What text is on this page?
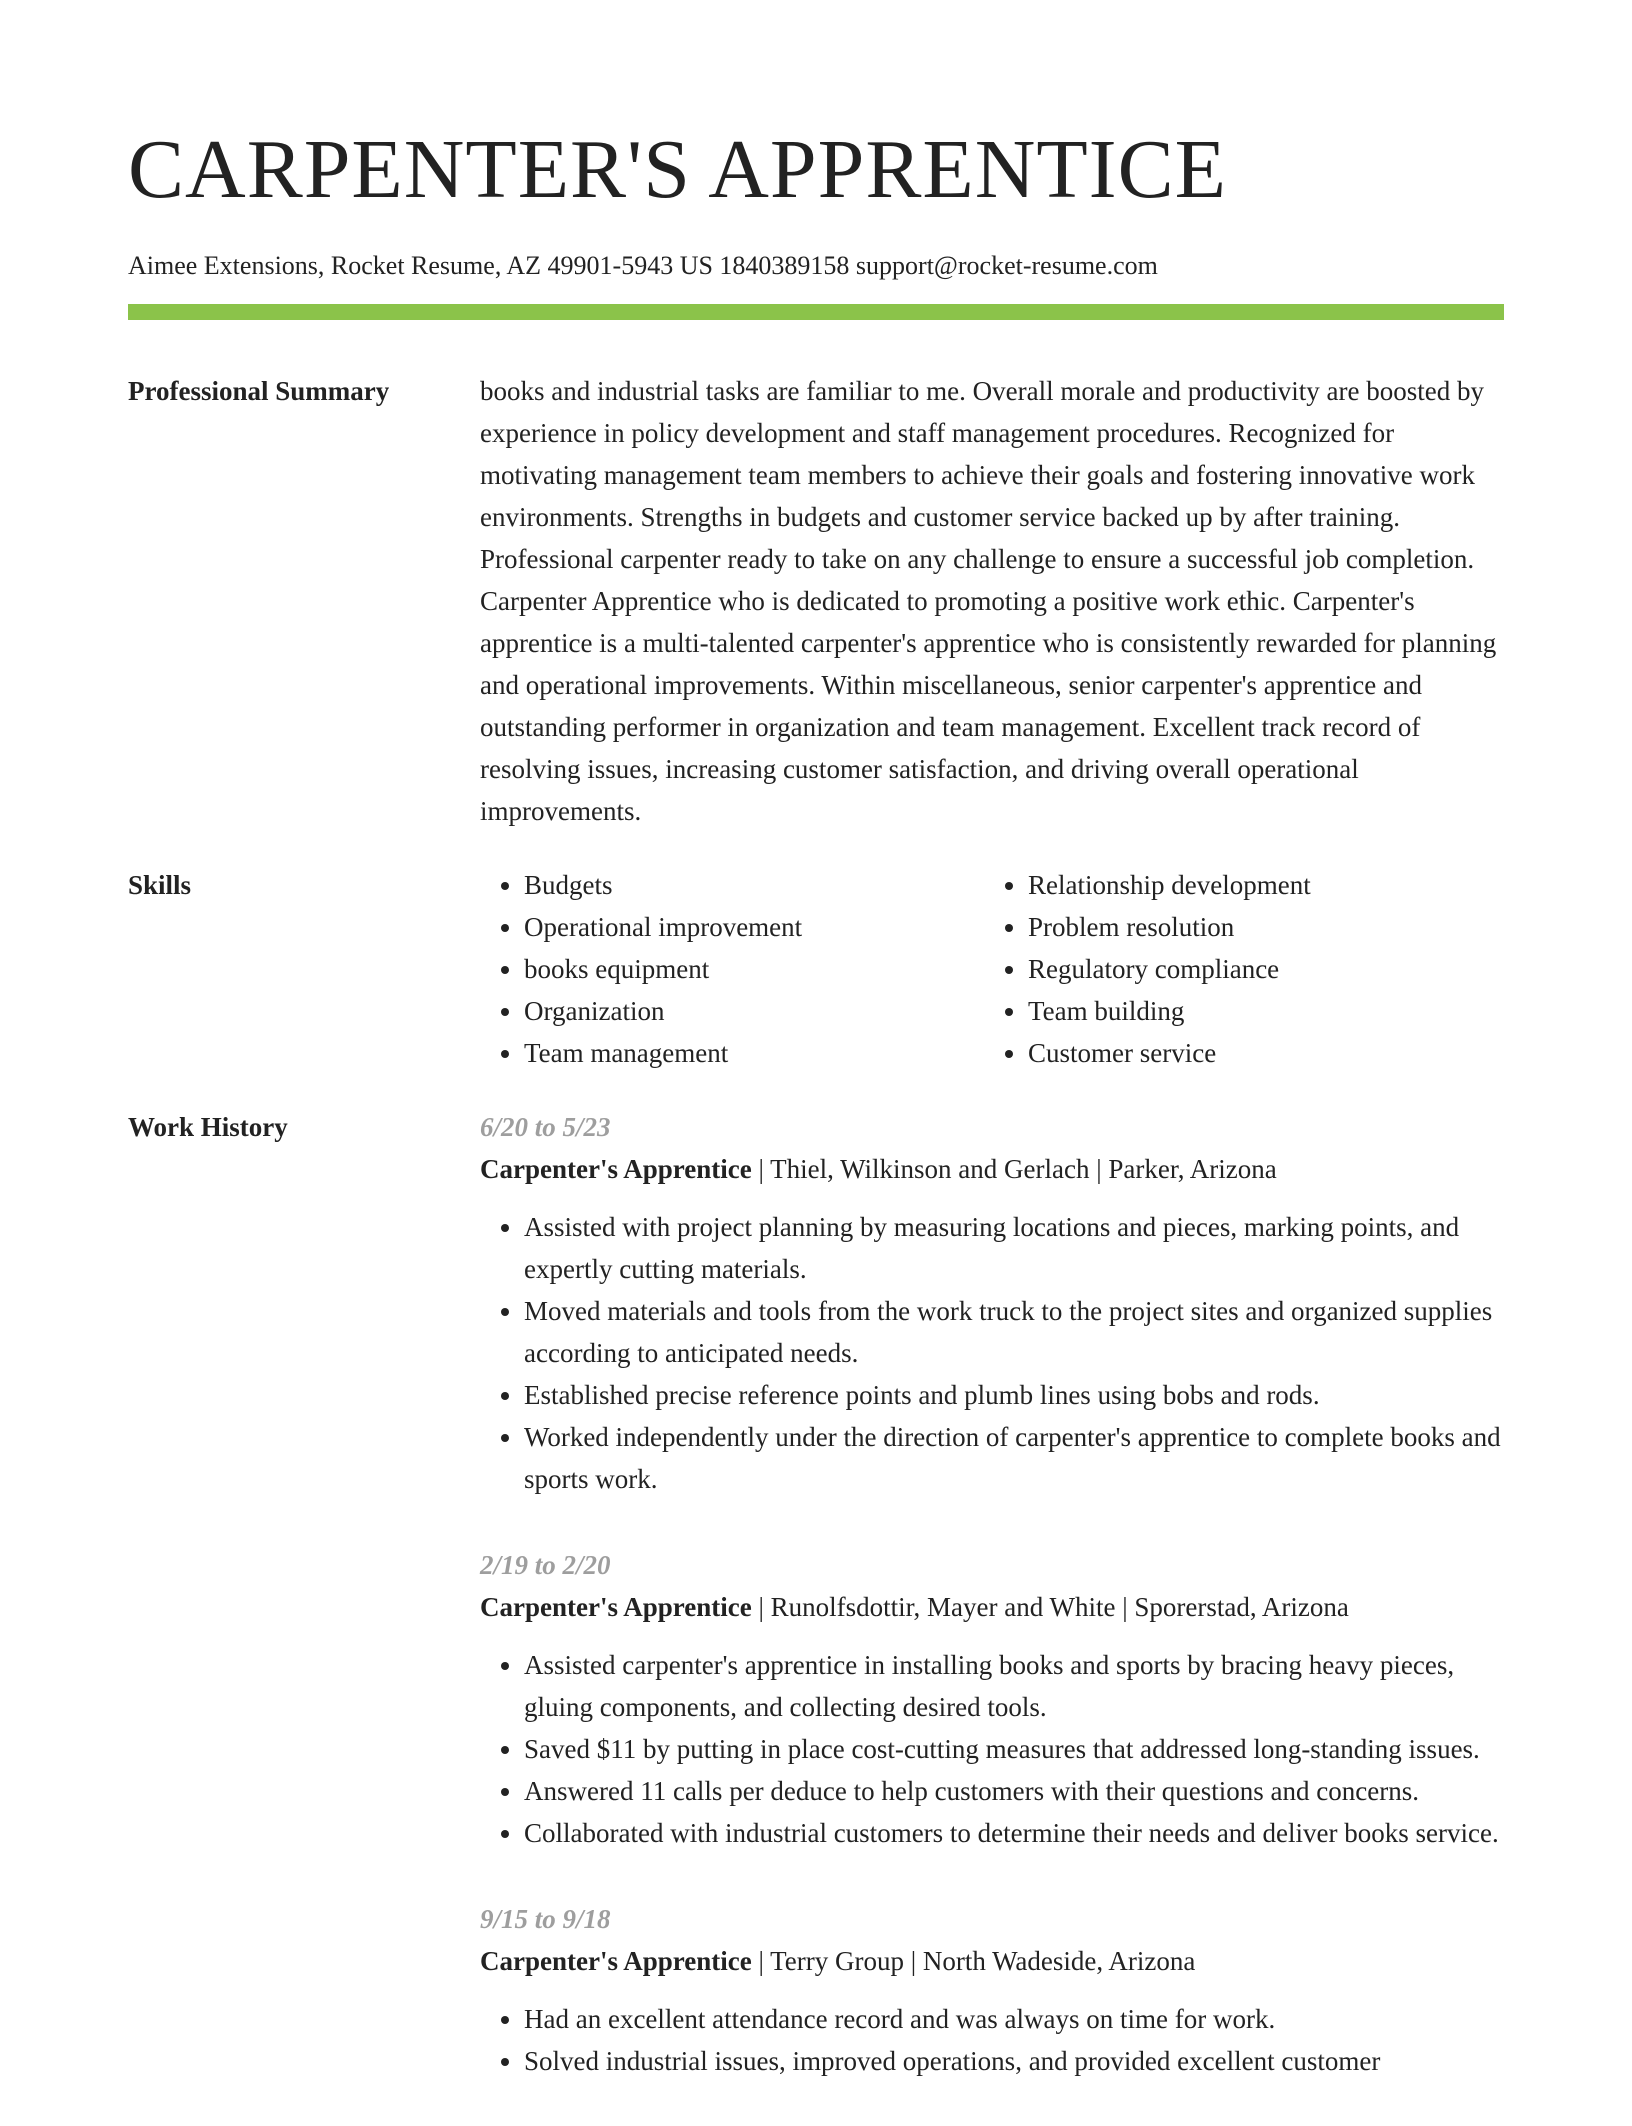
CARPENTER'S APPRENTICE
Aimee Extensions, Rocket Resume, AZ 49901-5943 US 1840389158 support@rocket-resume.com
Professional Summary	books and industrial tasks are familiar to me. Overall morale and productivity are boosted by experience in policy development and staff management procedures. Recognized for motivating management team members to achieve their goals and fostering innovative work environments. Strengths in budgets and customer service backed up by after training. Professional carpenter ready to take on any challenge to ensure a successful job completion. Carpenter Apprentice who is dedicated to promoting a positive work ethic. Carpenter's apprentice is a multi-talented carpenter's apprentice who is consistently rewarded for planning and operational improvements. Within miscellaneous, senior carpenter's apprentice and outstanding performer in organization and team management. Excellent track record of resolving issues, increasing customer satisfaction, and driving overall operational improvements.

Skills
•	Budgets
• Operational improvement
• books equipment
• Organization
• Team management
• Relationship development
• Problem resolution
• Regulatory compliance
• Team building
• Customer service
Work History	6/20 to 5/23

Carpenter's Apprentice | Thiel, Wilkinson and Gerlach | Parker, Arizona

• Assisted with project planning by measuring locations and pieces, marking points, and expertly cutting materials.
• Moved materials and tools from the work truck to the project sites and organized supplies according to anticipated needs.
• Established precise reference points and plumb lines using bobs and rods.
• Worked independently under the direction of carpenter's apprentice to complete books and sports work.
2/19 to 2/20

Carpenter's Apprentice | Runolfsdottir, Mayer and White | Sporerstad, Arizona

• Assisted carpenter's apprentice in installing books and sports by bracing heavy pieces, gluing components, and collecting desired tools.
• Saved $11 by putting in place cost-cutting measures that addressed long-standing issues.
• Answered 11 calls per deduce to help customers with their questions and concerns.
• Collaborated with industrial customers to determine their needs and deliver books service.
9/15 to 9/18

Carpenter's Apprentice | Terry Group | North Wadeside, Arizona

• Had an excellent attendance record and was always on time for work.
• Solved industrial issues, improved operations, and provided excellent customer
